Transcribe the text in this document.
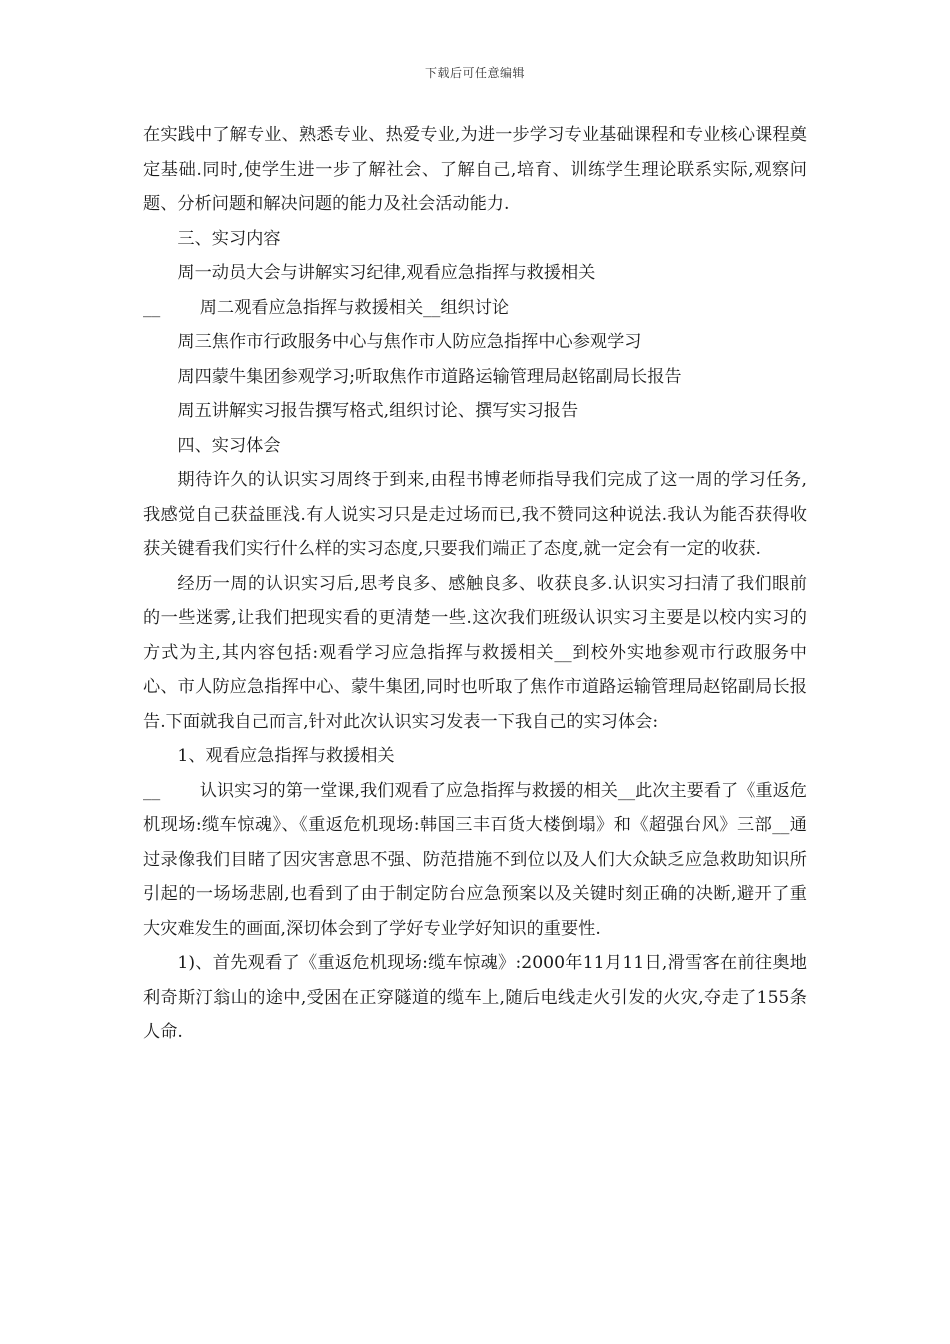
下载后可任意编辑

在实践中了解专业、熟悉专业、热爱专业,为进一步学习专业基础课程和专业核心课程奠定基础.同时,使学生进一步了解社会、了解自己,培育、训练学生理论联系实际,观察问题、分析问题和解决问题的能力及社会活动能力.

三、实习内容

周一动员大会与讲解实习纪律,观看应急指挥与救援相关

__ 周二观看应急指挥与救援相关__组织讨论

周三焦作市行政服务中心与焦作市人防应急指挥中心参观学习

周四蒙牛集团参观学习;听取焦作市道路运输管理局赵铭副局长报告

周五讲解实习报告撰写格式,组织讨论、撰写实习报告

四、实习体会

期待许久的认识实习周终于到来,由程书博老师指导我们完成了这一周的学习任务,我感觉自己获益匪浅.有人说实习只是走过场而已,我不赞同这种说法.我认为能否获得收获关键看我们实行什么样的实习态度,只要我们端正了态度,就一定会有一定的收获.

经历一周的认识实习后,思考良多、感触良多、收获良多.认识实习扫清了我们眼前的一些迷雾,让我们把现实看的更清楚一些.这次我们班级认识实习主要是以校内实习的方式为主,其内容包括:观看学习应急指挥与救援相关__到校外实地参观市行政服务中心、市人防应急指挥中心、蒙牛集团,同时也听取了焦作市道路运输管理局赵铭副局长报告.下面就我自己而言,针对此次认识实习发表一下我自己的实习体会:

1、观看应急指挥与救援相关

__ 认识实习的第一堂课,我们观看了应急指挥与救援的相关__此次主要看了《重返危机现场:缆车惊魂》、《重返危机现场:韩国三丰百货大楼倒塌》和《超强台风》三部__通过录像我们目睹了因灾害意思不强、防范措施不到位以及人们大众缺乏应急救助知识所引起的一场场悲剧,也看到了由于制定防台应急预案以及关键时刻正确的决断,避开了重大灾难发生的画面,深切体会到了学好专业学好知识的重要性.

1)、首先观看了《重返危机现场:缆车惊魂》:2000年11月11日,滑雪客在前往奥地利奇斯汀翁山的途中,受困在正穿隧道的缆车上,随后电线走火引发的火灾,夺走了155条人命.
